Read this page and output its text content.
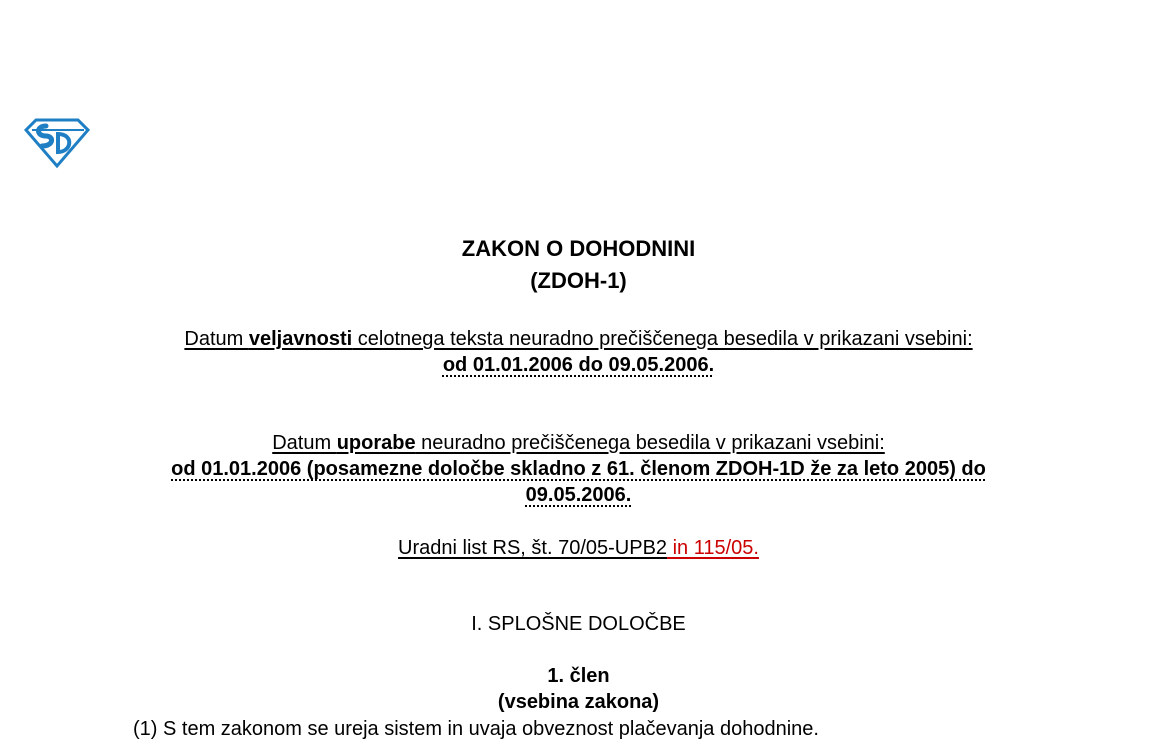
ZAKON O DOHODNINI
(ZDOH-1)
Datum veljavnosti celotnega teksta neuradno prečiščenega besedila v prikazani vsebini:
od 01.01.2006 do 09.05.2006.
Datum uporabe neuradno prečiščenega besedila v prikazani vsebini:
od 01.01.2006 (posamezne določbe skladno z 61. členom ZDOH-1D že za leto 2005) do 09.05.2006.
Uradni list RS, št. 70/05-UPB2 in 115/05.
I. SPLOŠNE DOLOČBE
1. člen
(vsebina zakona)
(1) S tem zakonom se ureja sistem in uvaja obveznost plačevanja dohodnine.
